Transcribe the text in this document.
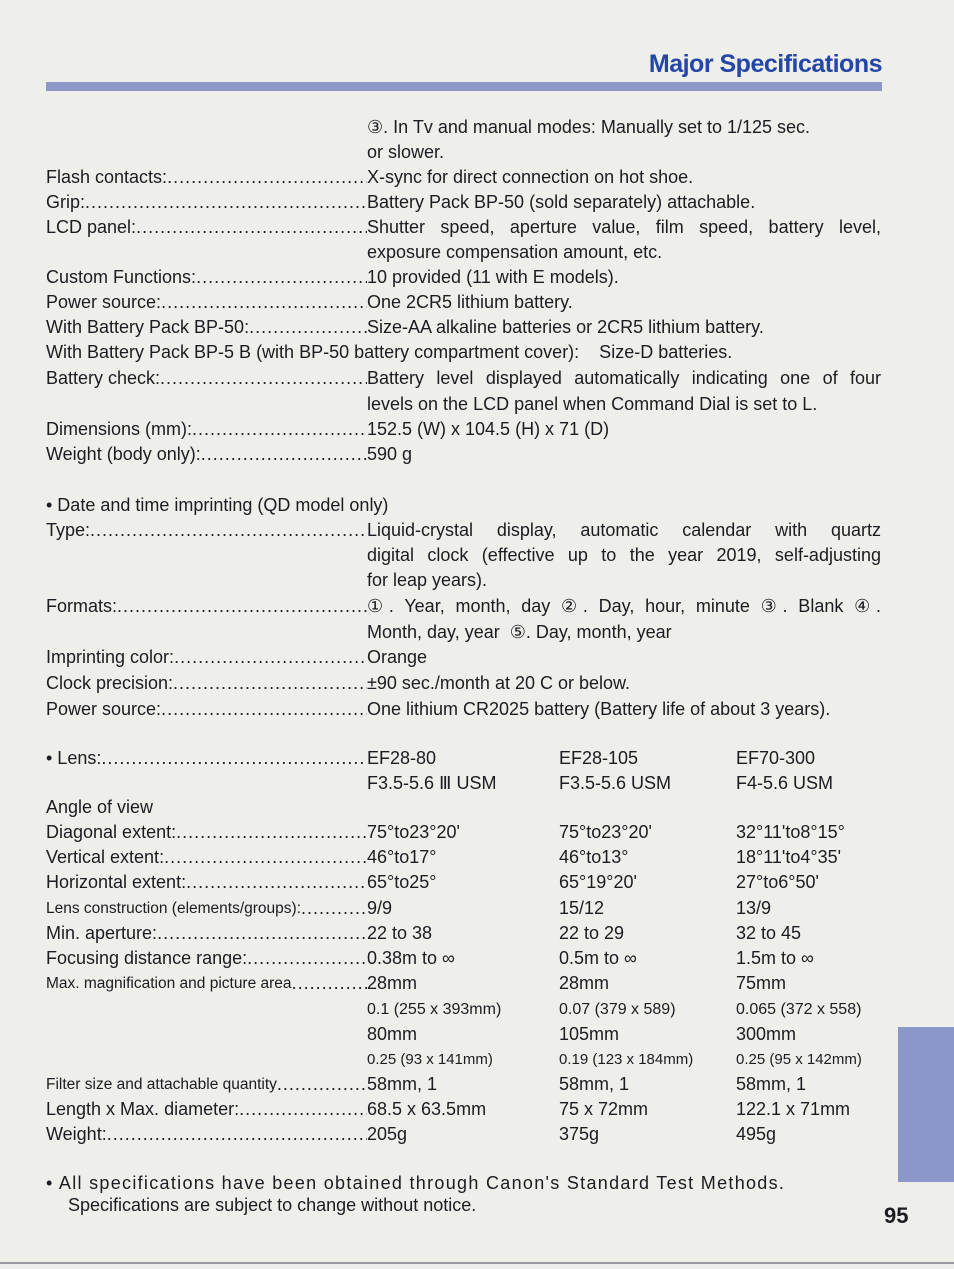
Major Specifications
③. In Tv and manual modes: Manually set to 1/125 sec.
or slower.
Flash contacts: .....	X-sync for direct connection on hot shoe.
Grip: .....	Battery Pack BP-50 (sold separately) attachable.
LCD panel: .....	Shutter speed, aperture value, film speed, battery level,
exposure compensation amount, etc.
Custom Functions: .....	10 provided (11 with E models).
Power source: .....	One 2CR5 lithium battery.
With Battery Pack BP-50: .....	Size-AA alkaline batteries or 2CR5 lithium battery.
With Battery Pack BP-5 B (with BP-50 battery compartment cover):    Size-D batteries.
Battery check: .....	Battery level displayed automatically indicating one of four
levels on the LCD panel when Command Dial is set to L.
Dimensions (mm): .....	152.5 (W) x 104.5 (H) x 71 (D)
Weight (body only): .....	590 g
• Date and time imprinting (QD model only)
Type: .....	Liquid-crystal display, automatic calendar with quartz
digital clock (effective up to the year 2019, self-adjusting
for leap years).
Formats: .....	①. Year, month, day ②. Day, hour, minute ③. Blank ④.
Month, day, year  ⑤. Day, month, year
Imprinting color: .....	Orange
Clock precision: .....	±90 sec./month at 20 C or below.
Power source: .....	One lithium CR2025 battery (Battery life of about 3 years).
• Lens: .....	EF28-80	EF28-105	EF70-300
F3.5-5.6 Ⅲ USM	F3.5-5.6 USM	F4-5.6 USM
Angle of view
Diagonal extent: .....	75°to23°20'	75°to23°20'	32°11'to8°15°
Vertical extent: .....	46°to17°	46°to13°	18°11'to4°35'
Horizontal extent: .....	65°to25°	65°19°20'	27°to6°50'
Lens construction (elements/groups): .....	9/9	15/12	13/9
Min. aperture: .....	22 to 38	22 to 29	32 to 45
Focusing distance range: .....	0.38m to ∞	0.5m to ∞	1.5m to ∞
Max. magnification and picture area .....	28mm	28mm	75mm
0.1 (255 x 393mm)	0.07 (379 x 589)	0.065 (372 x 558)
80mm	105mm	300mm
0.25 (93 x 141mm)	0.19 (123 x 184mm)	0.25 (95 x 142mm)
Filter size and attachable quantity .....	58mm, 1	58mm, 1	58mm, 1
Length x Max. diameter: .....	68.5 x 63.5mm	75 x 72mm	122.1 x 71mm
Weight: .....	205g	375g	495g
• All specifications have been obtained through Canon's Standard Test Methods.
Specifications are subject to change without notice.	95
